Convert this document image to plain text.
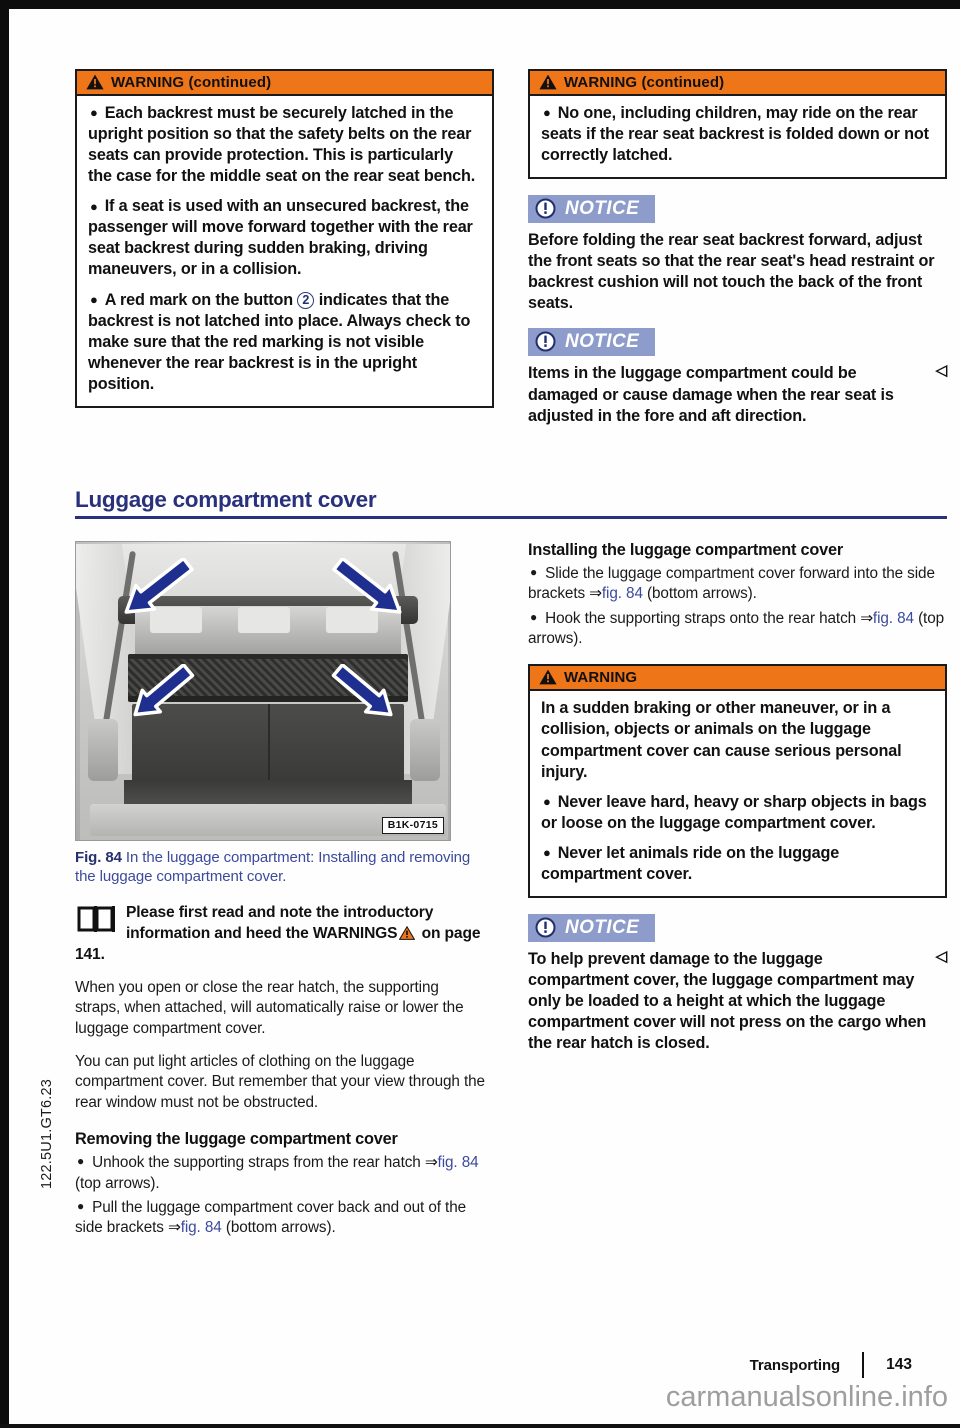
122.5U1.GT6.23
WARNING (continued)

● Each backrest must be securely latched in the upright position so that the safety belts on the rear seats can provide protection. This is particularly the case for the middle seat on the rear seat bench.

● If a seat is used with an unsecured backrest, the passenger will move forward together with the rear seat backrest during sudden braking, driving maneuvers, or in a collision.

● A red mark on the button 2 indicates that the backrest is not latched into place. Always check to make sure that the red marking is not visible whenever the rear backrest is in the upright position.

WARNING (continued)

● No one, including children, may ride on the rear seats if the rear seat backrest is folded down or not correctly latched.

NOTICE

Before folding the rear seat backrest forward, adjust the front seats so that the rear seat's head restraint or backrest cushion will not touch the back of the front seats.

NOTICE

◁
Items in the luggage compartment could be damaged or cause damage when the rear seat is adjusted in the fore and aft direction.

Luggage compartment cover
B1K-0715
Fig. 84 In the luggage compartment: Installing and removing the luggage compartment cover.
Please first read and note the introductory information and heed the WARNINGS on page 141.

When you open or close the rear hatch, the supporting straps, when attached, will automatically raise or lower the luggage compartment cover.

You can put light articles of clothing on the luggage compartment cover. But remember that your view through the rear window must not be obstructed.

Removing the luggage compartment cover

● Unhook the supporting straps from the rear hatch ⇒fig. 84 (top arrows).

● Pull the luggage compartment cover back and out of the side brackets ⇒fig. 84 (bottom arrows).

Installing the luggage compartment cover

● Slide the luggage compartment cover forward into the side brackets ⇒fig. 84 (bottom arrows).

● Hook the supporting straps onto the rear hatch ⇒fig. 84 (top arrows).

WARNING

In a sudden braking or other maneuver, or in a collision, objects or animals on the luggage compartment cover can cause serious personal injury.

● Never leave hard, heavy or sharp objects in bags or loose on the luggage compartment cover.

● Never let animals ride on the luggage compartment cover.

NOTICE

◁
To help prevent damage to the luggage compartment cover, the luggage compartment may only be loaded to a height at which the luggage compartment cover will not press on the cargo when the rear hatch is closed.

Transporting	143
carmanualsonline.info
